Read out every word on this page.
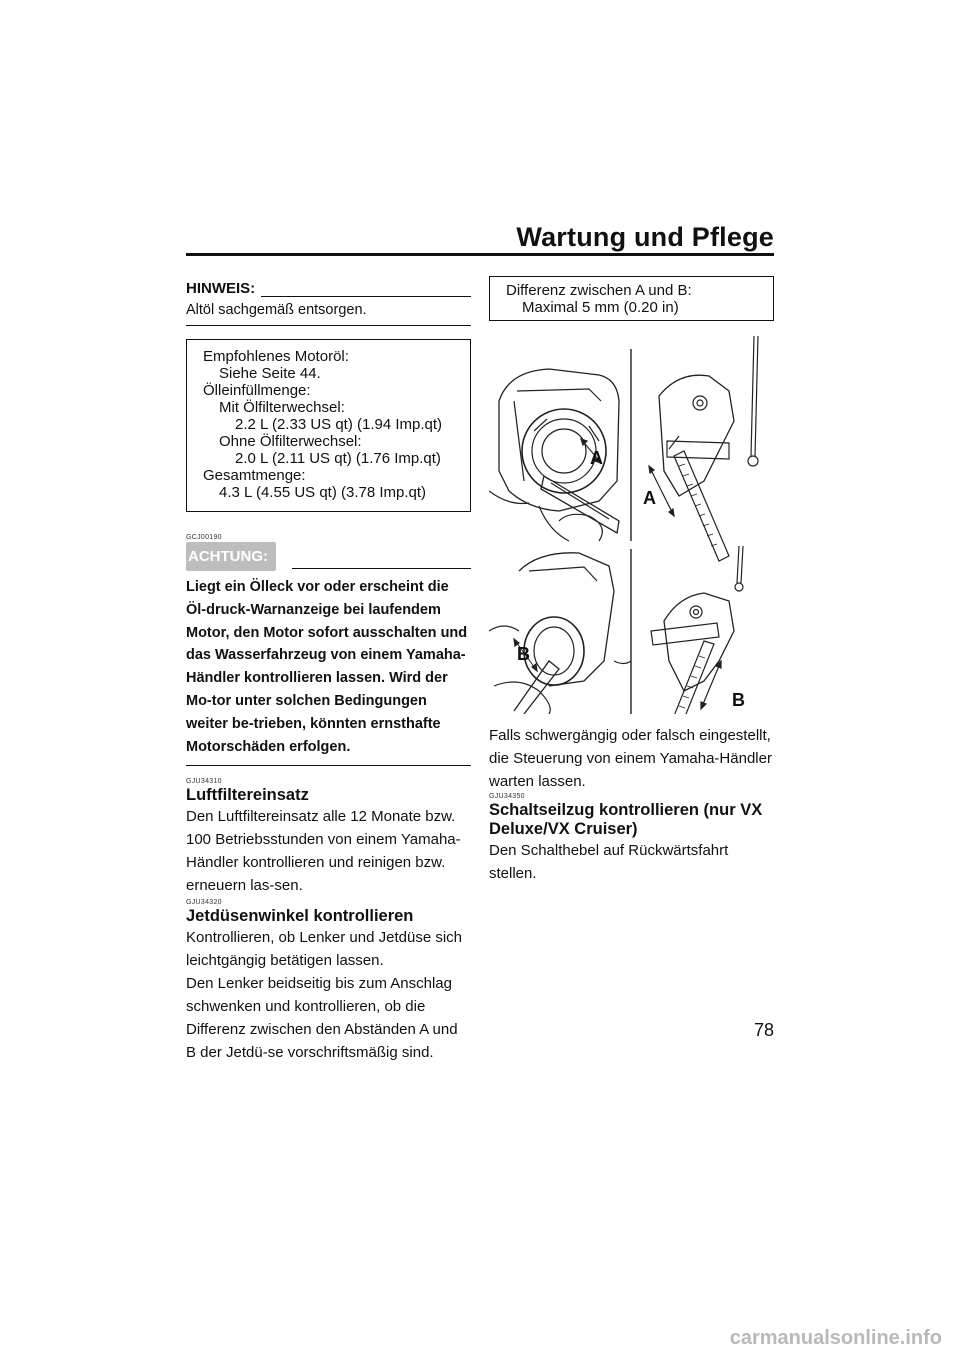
Wartung und Pflege
HINWEIS:
Altöl sachgemäß entsorgen.
Empfohlenes Motoröl:
Siehe Seite 44.
Ölleinfüllmenge:
Mit Ölfilterwechsel:
2.2 L (2.33 US qt) (1.94 Imp.qt)
Ohne Ölfilterwechsel:
2.0 L (2.11 US qt) (1.76 Imp.qt)
Gesamtmenge:
4.3 L (4.55 US qt) (3.78 Imp.qt)
GCJ00190
ACHTUNG:
Liegt ein Ölleck vor oder erscheint die Öl-druck-Warnanzeige bei laufendem Motor, den Motor sofort ausschalten und das Wasserfahrzeug von einem Yamaha-Händler kontrollieren lassen. Wird der Mo-tor unter solchen Bedingungen weiter be-trieben, könnten ernsthafte Motorschäden erfolgen.
GJU34310
Luftfiltereinsatz
Den Luftfiltereinsatz alle 12 Monate bzw. 100 Betriebsstunden von einem Yamaha-Händler kontrollieren und reinigen bzw. erneuern las-sen.
GJU34320
Jetdüsenwinkel kontrollieren
Kontrollieren, ob Lenker und Jetdüse sich leichtgängig betätigen lassen.
Den Lenker beidseitig bis zum Anschlag schwenken und kontrollieren, ob die Differenz zwischen den Abständen A und B der Jetdü-se vorschriftsmäßig sind.
Differenz zwischen A und B:
Maximal 5 mm (0.20 in)
A
A
B
B
Falls schwergängig oder falsch eingestellt, die Steuerung von einem Yamaha-Händler warten lassen.
GJU34350
Schaltseilzug kontrollieren (nur VX Deluxe/VX Cruiser)
Den Schalthebel auf Rückwärtsfahrt stellen.
78
carmanualsonline.info
